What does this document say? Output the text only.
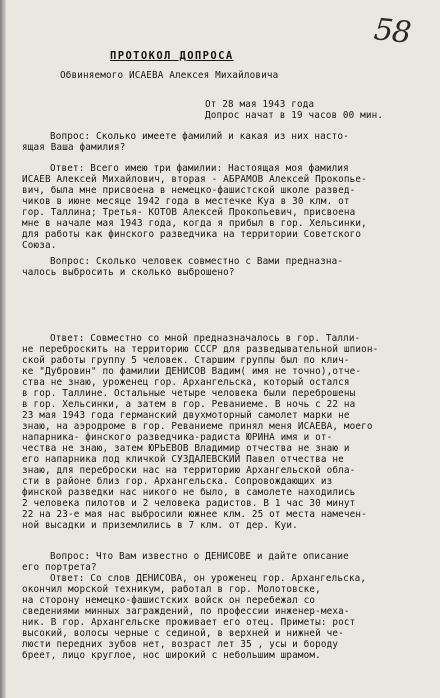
58
ПРОТОКОЛ ДОПРОСА
Обвиняемого ИСАЕВА Алексея Михайловича
От 28 мая 1943 года
Допрос начат в 19 часов 00 мин.
Вопрос: Сколько имеете фамилий и какая из них насто-
ящая Ваша фамилия?
Ответ: Всего имею три фамилии: Настоящая моя фамилия
ИСАЕВ Алексей Михайлович, вторая - АБРАМОВ Алексей Прокопье-
вич, была мне присвоена в немецко-фашистской школе развед-
чиков в июне месяце 1942 года в местечке Куа в 30 клм. от
гор. Таллина; Третья- КОТОВ Алексей Прокопьевич, присвоена
мне в начале мая 1943 года, когда я прибыл в гор. Хельсинки,
для работы как финского разведчика на территории Советского
Союза.
Вопрос: Сколько человек совместно с Вами предназна-
чалось выбросить и сколько выброшено?
Ответ: Совместно со мной предназначалось в гор. Талли-
не переброскить на территорию СССР для разведывательной шпион-
ской работы группу 5 человек. Старшим группы был по клич-
ке "Дубровин" по фамилии ДЕНИСОВ Вадим( имя не точно),отче-
ства не знаю, уроженец гор. Архангельска, который остался
в гор. Таллине. Остальные четыре человека были переброшены
в гор. Хельсинки, а затем в гор. Реваниеме. В ночь с 22 на
23 мая 1943 года германский двухмоторный самолет марки не
знаю, на аэродроме в гор. Реваниеме принял меня ИСАЕВА, моего
напарника- финского разведчика-радиста ЮРИНА имя и от-
чества не знаю, затем ЮРЬЕВОВ Владимир отчества не знаю и
его напарника под кличкой СУЗДАЛЕВСКИЙ Павел отчества не
знаю, для переброски нас на территорию Архангельской обла-
сти в районе близ гор. Архангельска. Сопровождающих из
финской разведки нас никого не было, в самолете находились
2 человека пилотов и 2 человека радистов. В 1 час 30 минут
22 на 23-е мая нас выбросили южнее клм. 25 от места намечен-
ной высадки и приземлились в 7 клм. от дер. Куи.
Вопрос: Что Вам известно о ДЕНИСОВЕ и дайте описание
его портрета?
Ответ: Со слов ДЕНИСОВА, он уроженец гор. Архангельска,
окончил морской техникум, работал в гор. Молотовске,
на сторону немецко-фашистских войск он перебежал со
сведениями минных заграждений, по профессии инженер-меха-
ник. В гор. Архангельске проживает его отец. Приметы: рост
высокий, волосы черные с сединой, в верхней и нижней че-
люсти передних зубов нет, возраст лет 35 , усы и бороду
бреет, лицо круглое, нос широкий с небольшим шрамом.
